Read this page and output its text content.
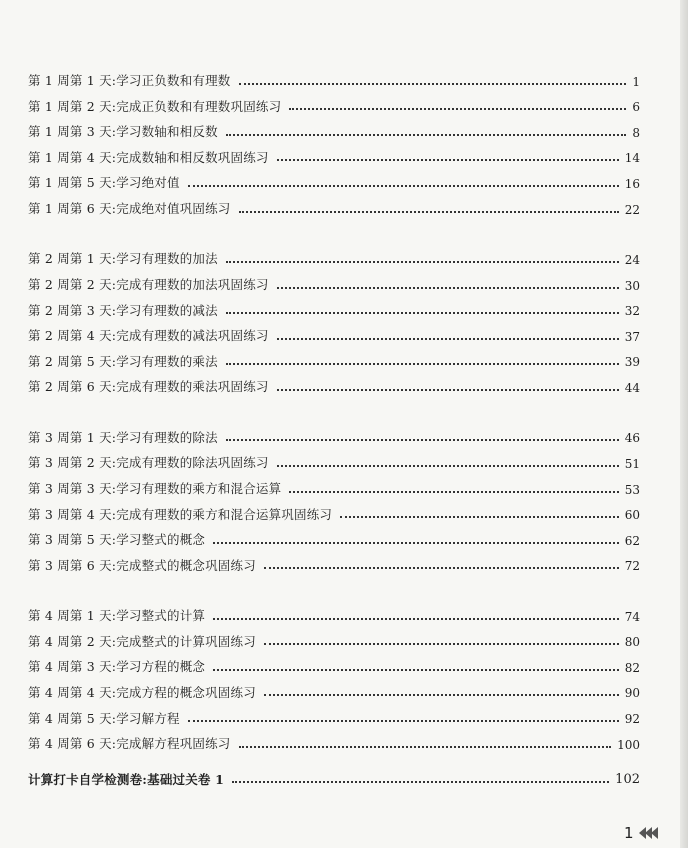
第 1 周第 1 天:学习正负数和有理数	1
第 1 周第 2 天:完成正负数和有理数巩固练习	6
第 1 周第 3 天:学习数轴和相反数	8
第 1 周第 4 天:完成数轴和相反数巩固练习	14
第 1 周第 5 天:学习绝对值	16
第 1 周第 6 天:完成绝对值巩固练习	22
第 2 周第 1 天:学习有理数的加法	24
第 2 周第 2 天:完成有理数的加法巩固练习	30
第 2 周第 3 天:学习有理数的减法	32
第 2 周第 4 天:完成有理数的减法巩固练习	37
第 2 周第 5 天:学习有理数的乘法	39
第 2 周第 6 天:完成有理数的乘法巩固练习	44
第 3 周第 1 天:学习有理数的除法	46
第 3 周第 2 天:完成有理数的除法巩固练习	51
第 3 周第 3 天:学习有理数的乘方和混合运算	53
第 3 周第 4 天:完成有理数的乘方和混合运算巩固练习	60
第 3 周第 5 天:学习整式的概念	62
第 3 周第 6 天:完成整式的概念巩固练习	72
第 4 周第 1 天:学习整式的计算	74
第 4 周第 2 天:完成整式的计算巩固练习	80
第 4 周第 3 天:学习方程的概念	82
第 4 周第 4 天:完成方程的概念巩固练习	90
第 4 周第 5 天:学习解方程	92
第 4 周第 6 天:完成解方程巩固练习	100
计算打卡自学检测卷:基础过关卷 1	102
1
